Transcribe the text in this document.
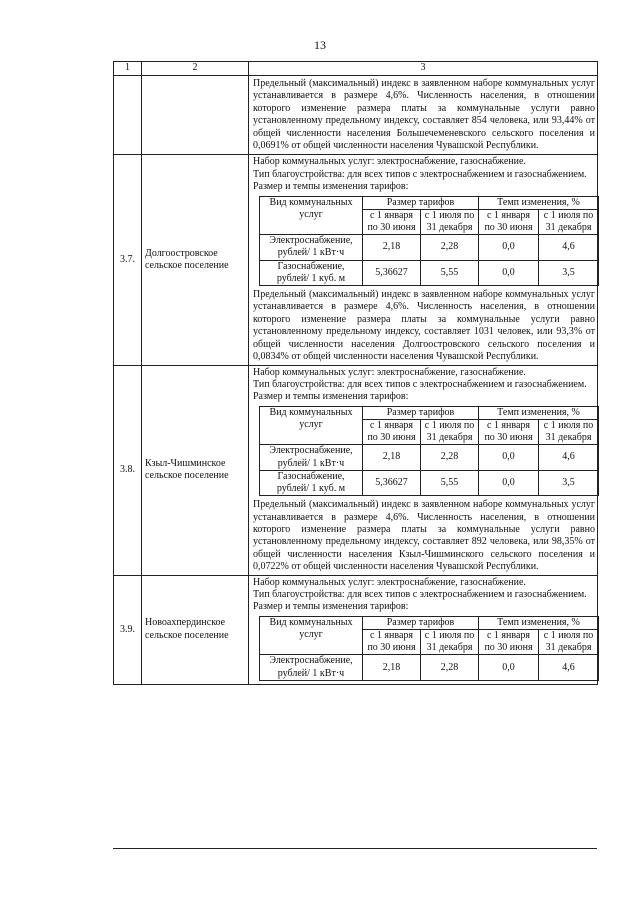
13
1	2	3

Предельный (максимальный) индекс в заявленном наборе коммунальных услуг устанавливается в размере 4,6%. Численность населения, в отношении которого изменение размера платы за коммунальные услуги равно установленному предельному индексу, составляет 854 человека, или 93,44% от общей численности населения Большечеменевского сельского поселения и 0,0691% от общей численности населения Чувашской Республики.

3.7.	Долгоостровское сельское поселение	

Набор коммунальных услуг: электроснабжение, газоснабжение.

Тип благоустройства: для всех типов с электроснабжением и газоснабжением.

Размер и темпы изменения тарифов:

Вид коммунальных услуг	Размер тарифов	Темп изменения, %
с 1 января по 30 июня	с 1 июля по 31 декабря	с 1 января по 30 июня	с 1 июля по 31 декабря
Электроснабжение, рублей/ 1 кВт·ч	2,18	2,28	0,0	4,6
Газоснабжение, рублей/ 1 куб. м	5,36627	5,55	0,0	3,5

Предельный (максимальный) индекс в заявленном наборе коммунальных услуг устанавливается в размере 4,6%. Численность населения, в отношении которого изменение размера платы за коммунальные услуги равно установленному предельному индексу, составляет 1031 человек, или 93,3% от общей численности населения Долгоостровского сельского поселения и 0,0834% от общей численности населения Чувашской Республики.

3.8.	Кзыл-Чишминское сельское поселение	

Набор коммунальных услуг: электроснабжение, газоснабжение.

Тип благоустройства: для всех типов с электроснабжением и газоснабжением.

Размер и темпы изменения тарифов:

Вид коммунальных услуг	Размер тарифов	Темп изменения, %
с 1 января по 30 июня	с 1 июля по 31 декабря	с 1 января по 30 июня	с 1 июля по 31 декабря
Электроснабжение, рублей/ 1 кВт·ч	2,18	2,28	0,0	4,6
Газоснабжение, рублей/ 1 куб. м	5,36627	5,55	0,0	3,5

Предельный (максимальный) индекс в заявленном наборе коммунальных услуг устанавливается в размере 4,6%. Численность населения, в отношении которого изменение размера платы за коммунальные услуги равно установленному предельному индексу, составляет 892 человека, или 98,35% от общей численности населения Кзыл-Чишминского сельского поселения и 0,0722% от общей численности населения Чувашской Республики.

3.9.	Новоахпердинское сельское поселение	

Набор коммунальных услуг: электроснабжение, газоснабжение.

Тип благоустройства: для всех типов с электроснабжением и газоснабжением.

Размер и темпы изменения тарифов:

Вид коммунальных услуг	Размер тарифов	Темп изменения, %
с 1 января по 30 июня	с 1 июля по 31 декабря	с 1 января по 30 июня	с 1 июля по 31 декабря
Электроснабжение, рублей/ 1 кВт·ч	2,18	2,28	0,0	4,6
